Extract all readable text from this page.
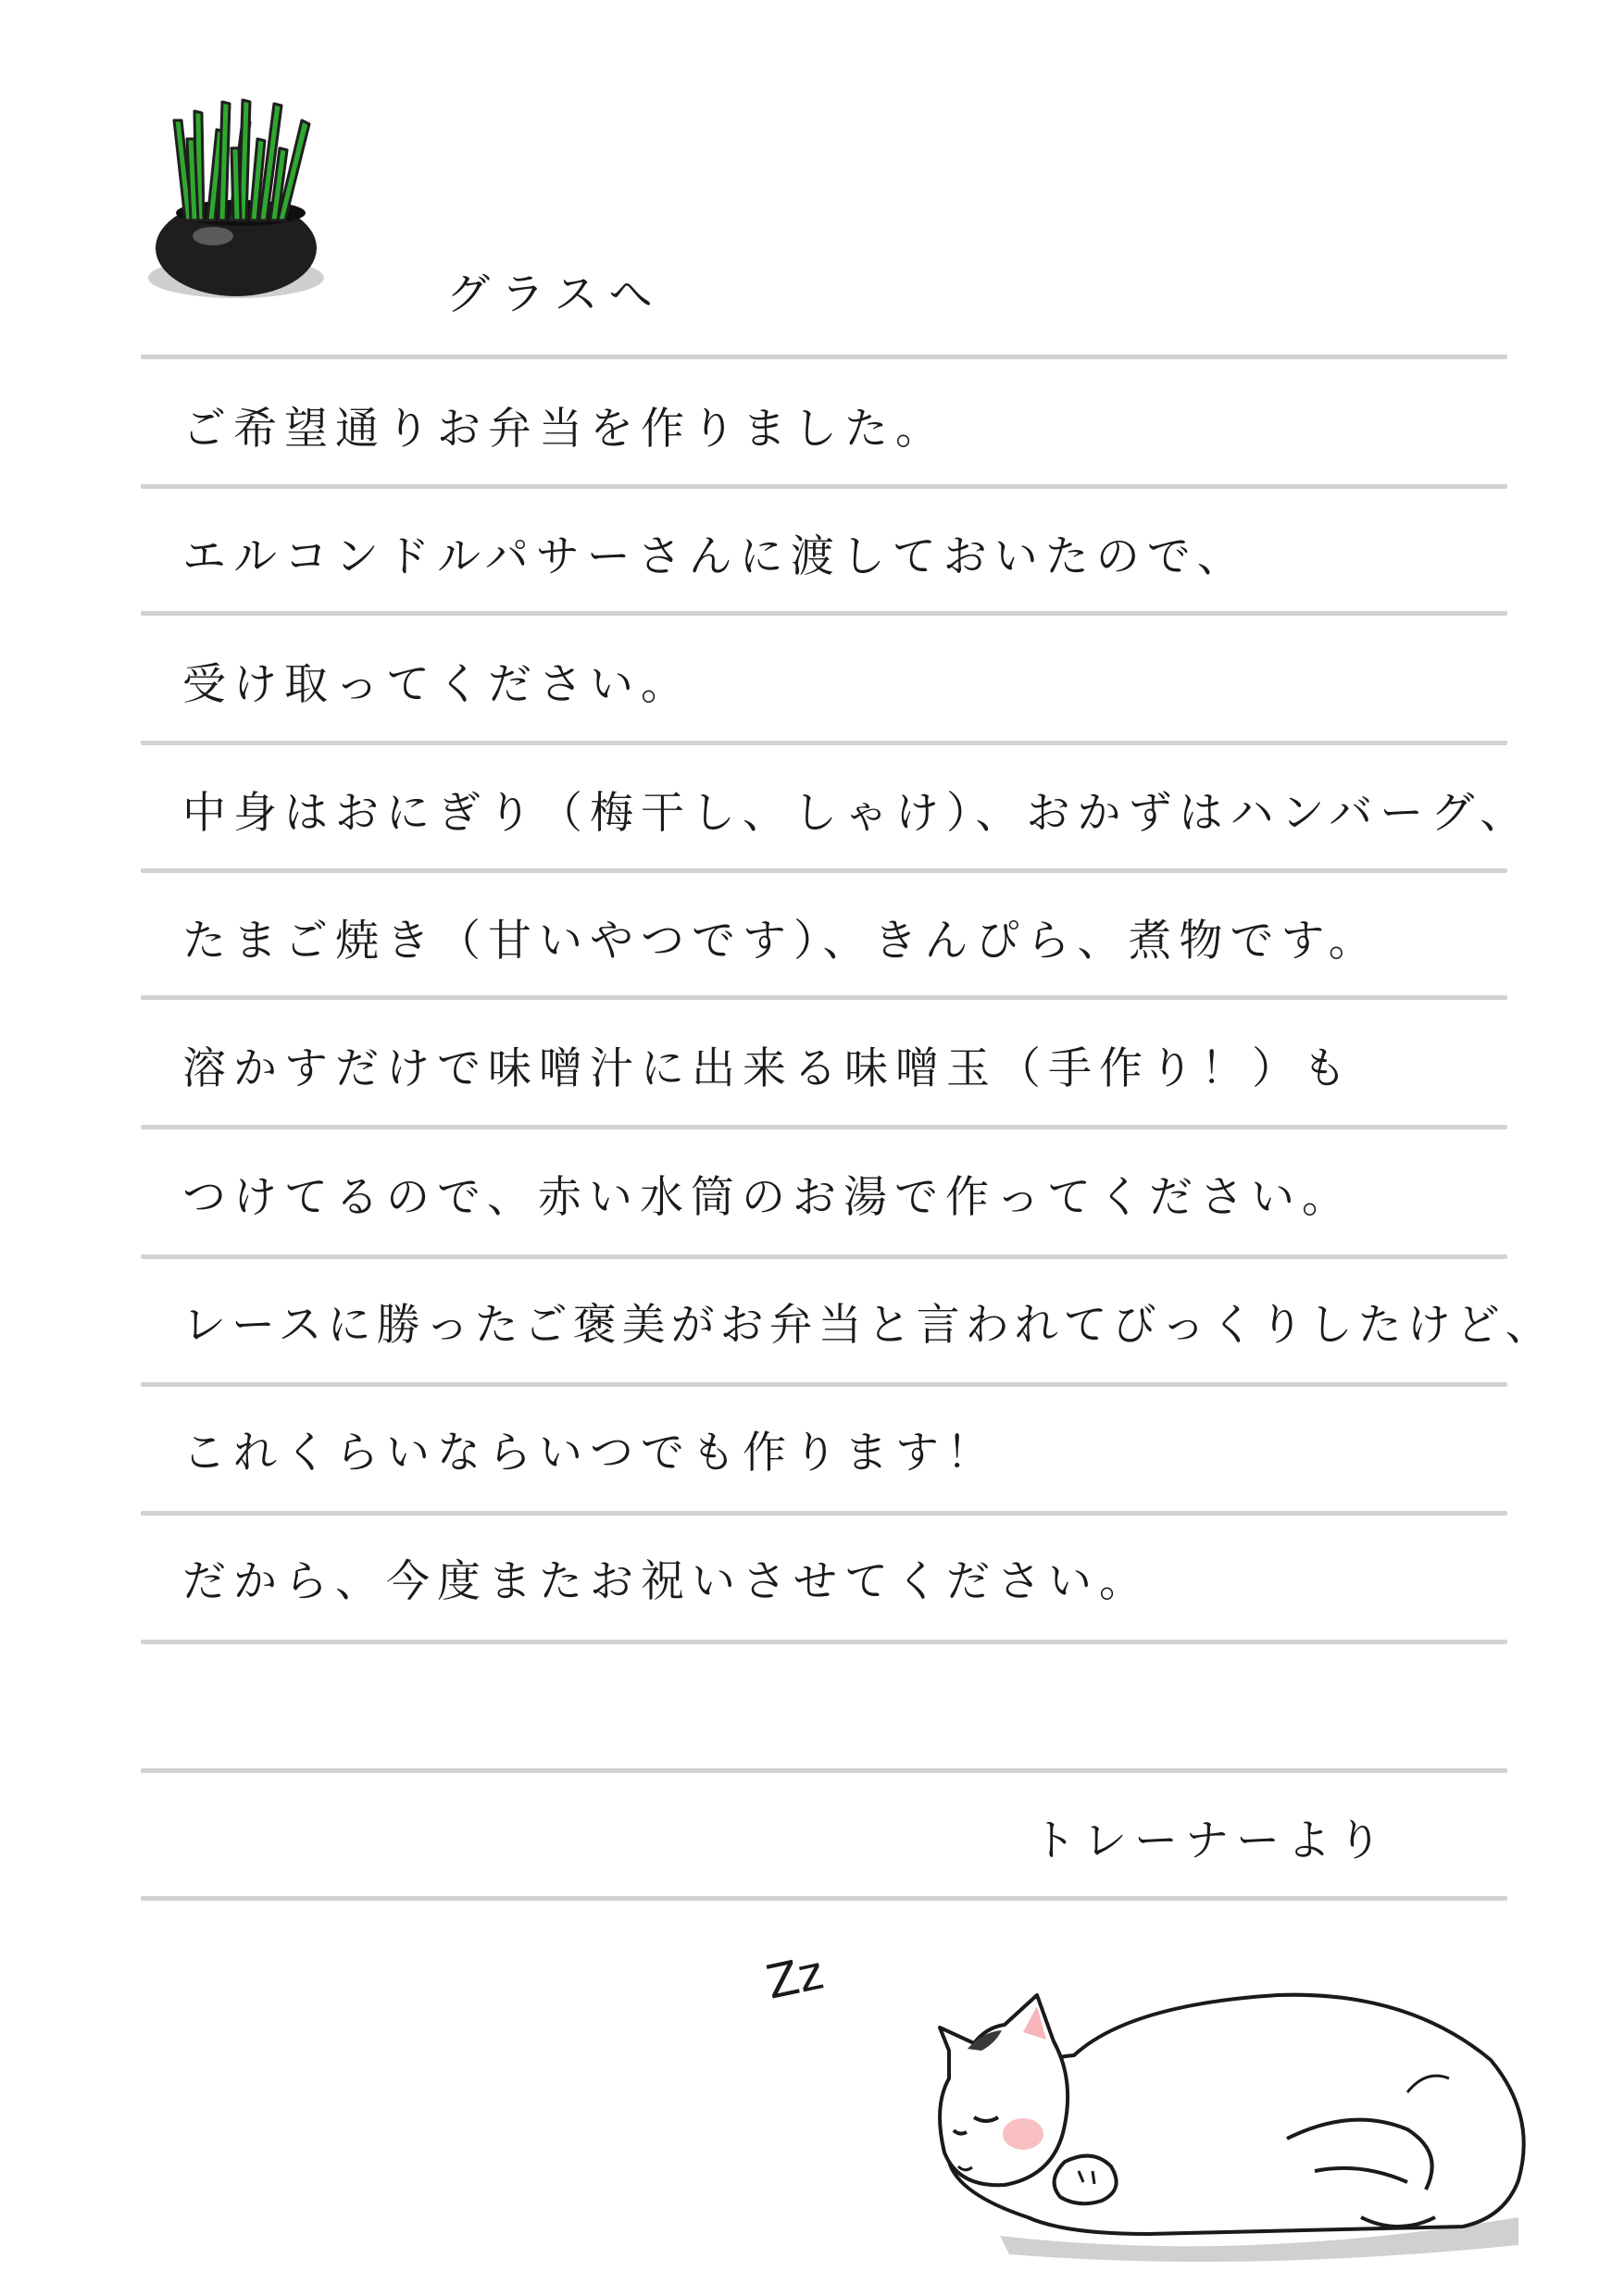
グラスへ
ご希望通りお弁当を作りました。
エルコンドルパサーさんに渡しておいたので、
受け取ってください。
中身はおにぎり（梅干し、しゃけ）、おかずはハンバーグ、
たまご焼き（甘いやつです）、きんぴら、煮物です。
溶かすだけで味噌汁に出来る味噌玉（手作り！）も
つけてるので、赤い水筒のお湯で作ってください。
レースに勝ったご褒美がお弁当と言われてびっくりしたけど、
これくらいならいつでも作ります！
だから、今度またお祝いさせてください。
トレーナーより
Zz
